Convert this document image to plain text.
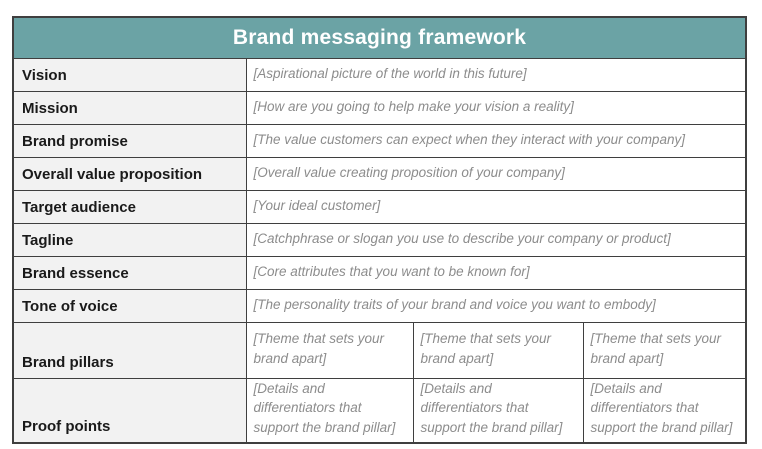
Brand messaging framework			
Vision	[Aspirational picture of the world in this future]		
Mission	[How are you going to help make your vision a reality]		
Brand promise	[The value customers can expect when they interact with your company]		
Overall value proposition	[Overall value creating proposition of your company]		
Target audience	[Your ideal customer]		
Tagline	[Catchphrase or slogan you use to describe your company or product]		
Brand essence	[Core attributes that you want to be known for]		
Tone of voice	[The personality traits of your brand and voice you want to embody]		
Brand pillars	[Theme that sets your brand apart]	[Theme that sets your brand apart]	[Theme that sets your brand apart]
Proof points	[Details and differentiators that support the brand pillar]	[Details and differentiators that support the brand pillar]	[Details and differentiators that support the brand pillar]
